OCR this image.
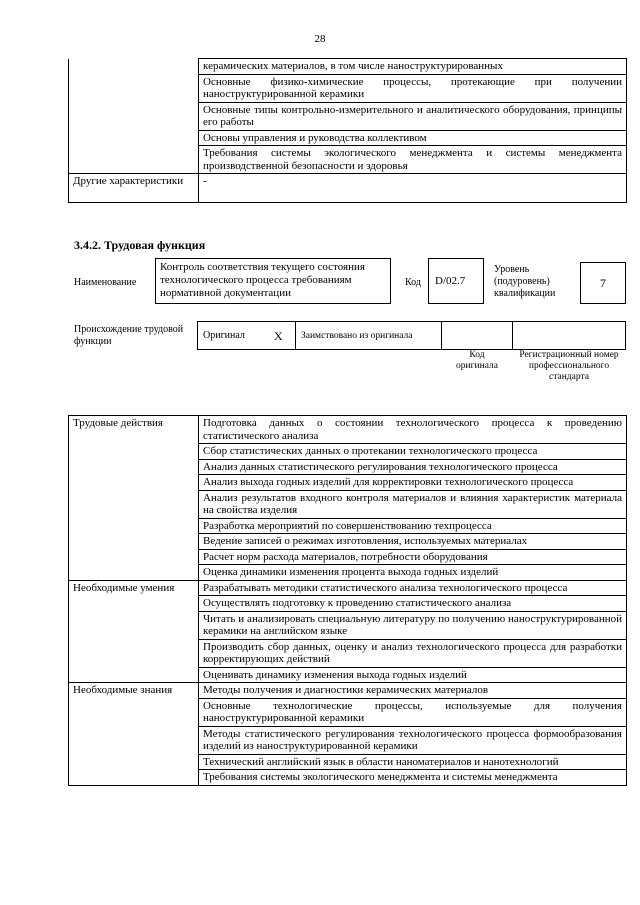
28
	керамических материалов, в том числе наноструктурированных
	Основные физико-химические процессы, протекающие при получении наноструктурированной керамики
	Основные типы контрольно-измерительного и аналитического оборудования, принципы его работы
	Основы управления и руководства коллективом
	Требования системы экологического менеджмента и системы менеджмента производственной безопасности и здоровья
Другие характеристики	-
3.4.2. Трудовая функция
Наименование
Контроль соответствия текущего состояния технологического процесса требованиям нормативной документации
Код	D/02.7
Уровень (подуровень) квалификации
7
Происхождение трудовой функции
Оригинал X Заимствовано из оригинала
Код оригинала
Регистрационный номер профессионального стандарта
Трудовые действия	Подготовка данных о состоянии технологического процесса к проведению статистического анализа
	Сбор статистических данных о протекании технологического процесса
	Анализ данных статистического регулирования технологического процесса
	Анализ выхода годных изделий для корректировки технологического процесса
	Анализ результатов входного контроля материалов и влияния характеристик материала на свойства изделия
	Разработка мероприятий по совершенствованию техпроцесса
	Ведение записей о режимах изготовления, используемых материалах
	Расчет норм расхода материалов, потребности оборудования
	Оценка динамики изменения процента выхода годных изделий
Необходимые умения	Разрабатывать методики статистического анализа технологического процесса
	Осуществлять подготовку к проведению статистического анализа
	Читать и анализировать специальную литературу по получению наноструктурированной керамики на английском языке
	Производить сбор данных, оценку и анализ технологического процесса для разработки корректирующих действий
	Оценивать динамику изменения выхода годных изделий
Необходимые знания	Методы получения и диагностики керамических материалов
	Основные технологические процессы, используемые для получения наноструктурированной керамики
	Методы статистического регулирования технологического процесса формообразования изделий из наноструктурированной керамики
	Технический английский язык в области наноматериалов и нанотехнологий
	Требования системы экологического менеджмента и системы менеджмента
